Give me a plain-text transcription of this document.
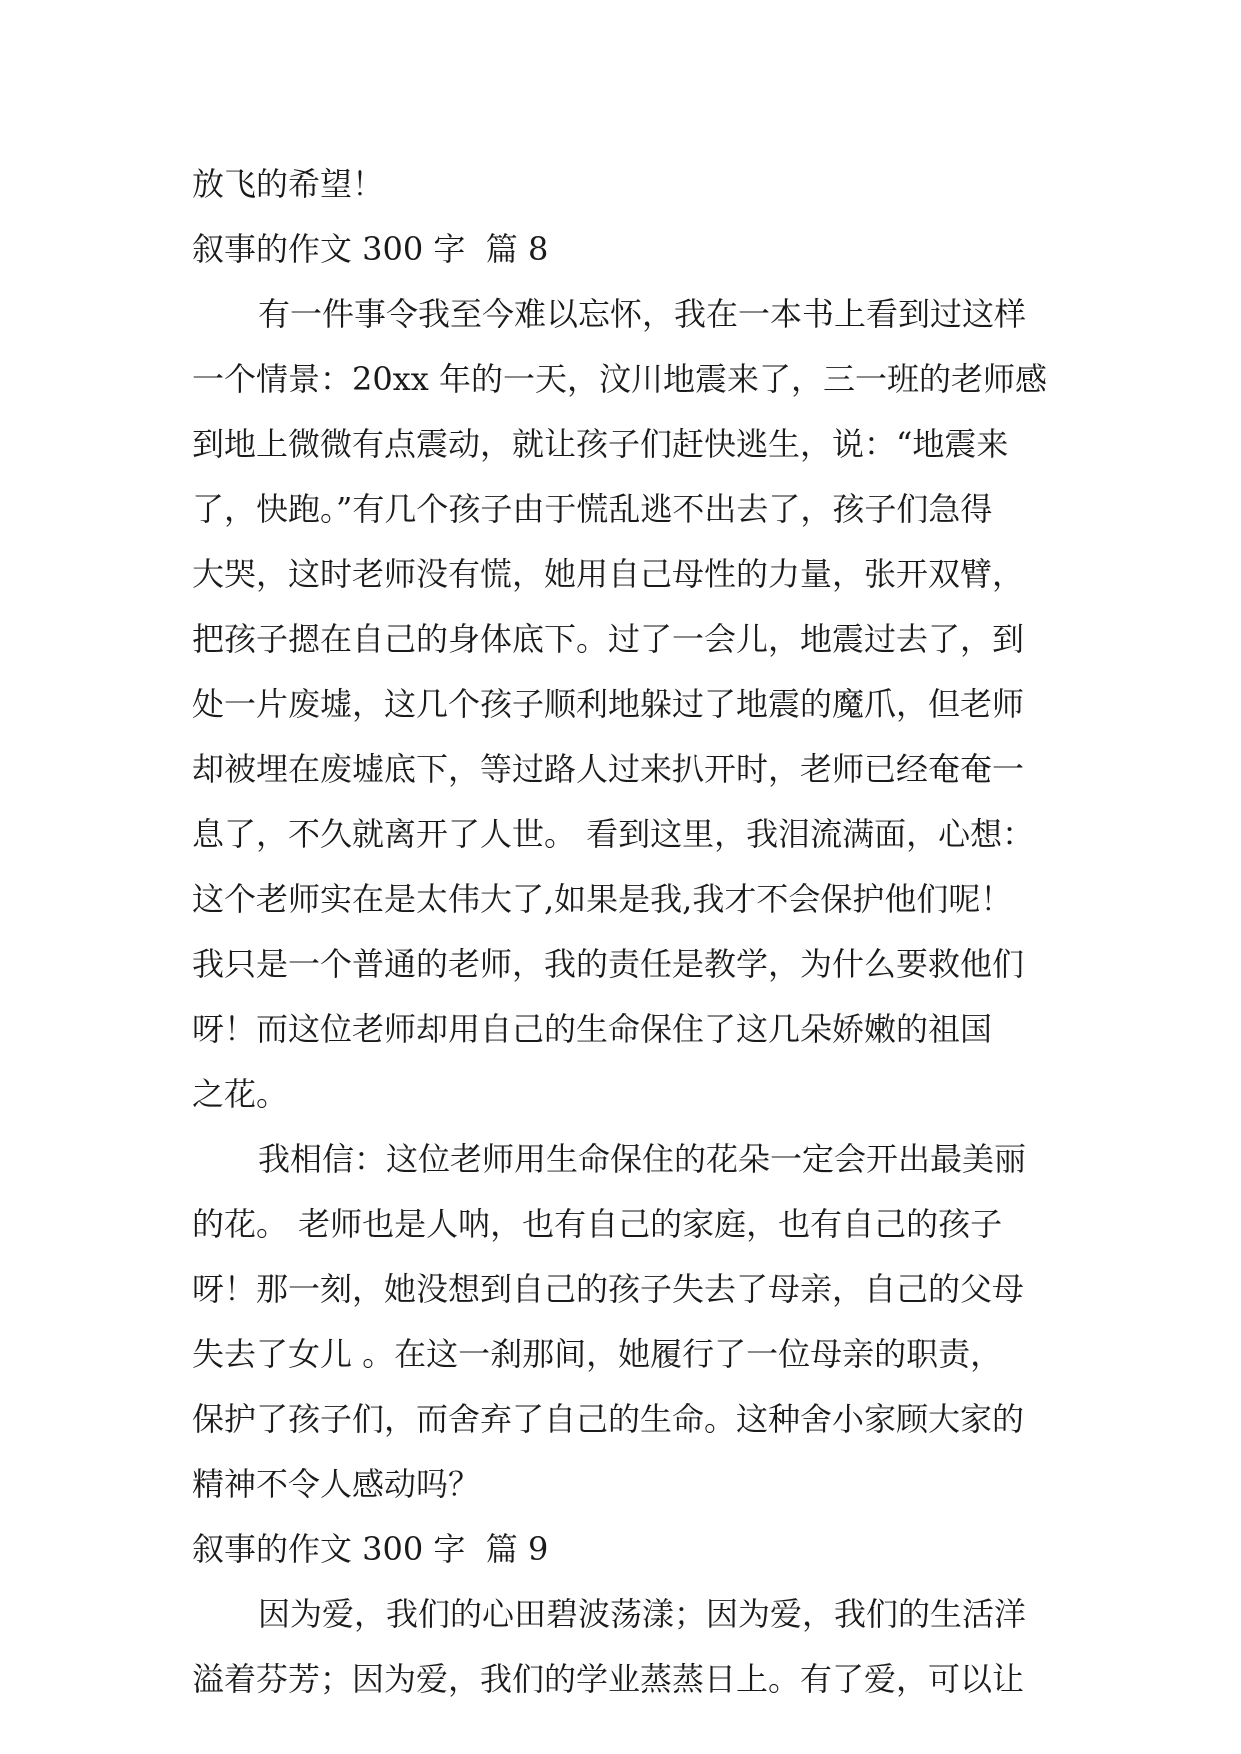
放飞的希望！
叙事的作文 300 字  篇 8
有一件事令我至今难以忘怀，我在一本书上看到过这样
一个情景：20xx 年的一天，汶川地震来了，三一班的老师感
到地上微微有点震动，就让孩子们赶快逃生，说：“地震来
了，快跑。”有几个孩子由于慌乱逃不出去了，孩子们急得
大哭，这时老师没有慌，她用自己母性的力量，张开双臂，
把孩子摁在自己的身体底下。过了一会儿，地震过去了，到
处一片废墟，这几个孩子顺利地躲过了地震的魔爪，但老师
却被埋在废墟底下，等过路人过来扒开时，老师已经奄奄一
息了，不久就离开了人世。 看到这里，我泪流满面，心想：
这个老师实在是太伟大了,如果是我,我才不会保护他们呢！
我只是一个普通的老师，我的责任是教学，为什么要救他们
呀！而这位老师却用自己的生命保住了这几朵娇嫩的祖国
之花。
我相信：这位老师用生命保住的花朵一定会开出最美丽
的花。 老师也是人呐，也有自己的家庭，也有自己的孩子
呀！那一刻，她没想到自己的孩子失去了母亲，自己的父母
失去了女儿 。在这一刹那间，她履行了一位母亲的职责，
保护了孩子们，而舍弃了自己的生命。这种舍小家顾大家的
精神不令人感动吗？
叙事的作文 300 字  篇 9
因为爱，我们的心田碧波荡漾；因为爱，我们的生活洋
溢着芬芳；因为爱，我们的学业蒸蒸日上。有了爱，可以让
